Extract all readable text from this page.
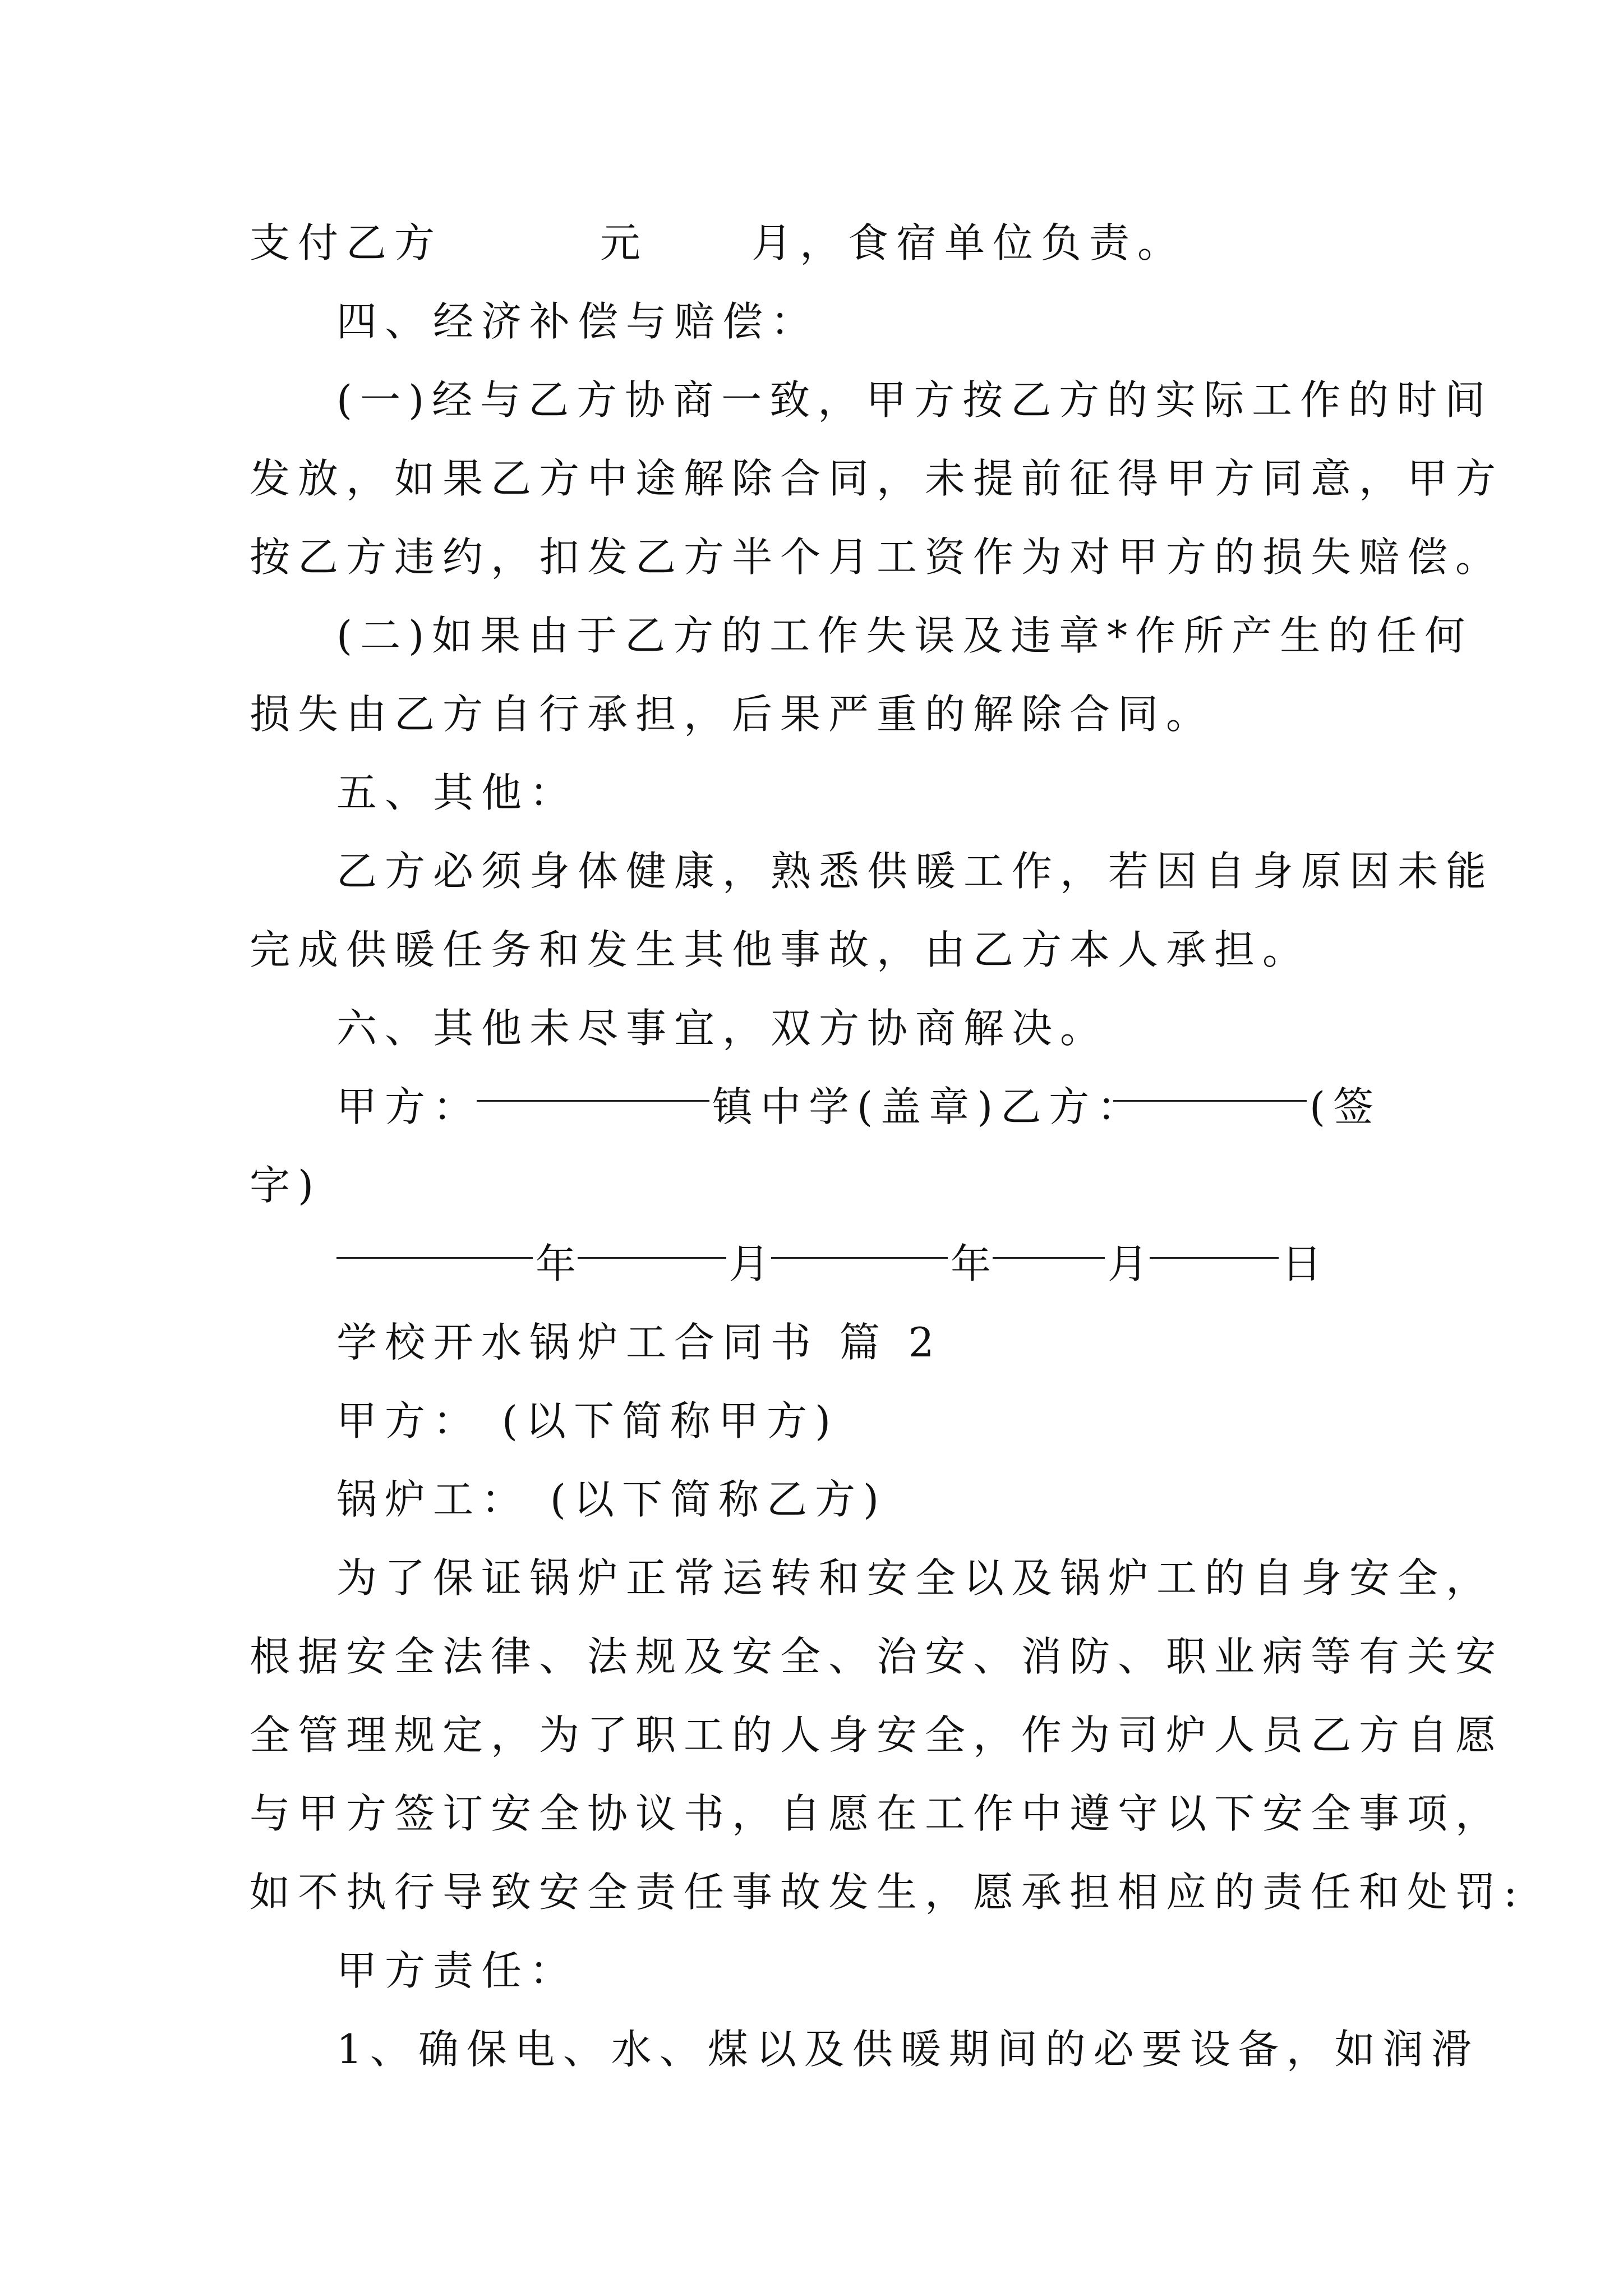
支付乙方	元	月，食宿单位负责。
四、经济补偿与赔偿：
(一)经与乙方协商一致，甲方按乙方的实际工作的时间
发放，如果乙方中途解除合同，未提前征得甲方同意，甲方
按乙方违约，扣发乙方半个月工资作为对甲方的损失赔偿。
(二)如果由于乙方的工作失误及违章*作所产生的任何
损失由乙方自行承担，后果严重的解除合同。
五、其他：
乙方必须身体健康，熟悉供暖工作，若因自身原因未能
完成供暖任务和发生其他事故，由乙方本人承担。
六、其他未尽事宜，双方协商解决。
甲方：	镇中学(盖章)乙方：	(签
字)
年	月	年	月	日
学校开水锅炉工合同书 篇 2
甲方： (以下简称甲方)
锅炉工： (以下简称乙方)
为了保证锅炉正常运转和安全以及锅炉工的自身安全，
根据安全法律、法规及安全、治安、消防、职业病等有关安
全管理规定，为了职工的人身安全，作为司炉人员乙方自愿
与甲方签订安全协议书，自愿在工作中遵守以下安全事项，
如不执行导致安全责任事故发生，愿承担相应的责任和处罚:
甲方责任：
1、确保电、水、煤以及供暖期间的必要设备，如润滑
